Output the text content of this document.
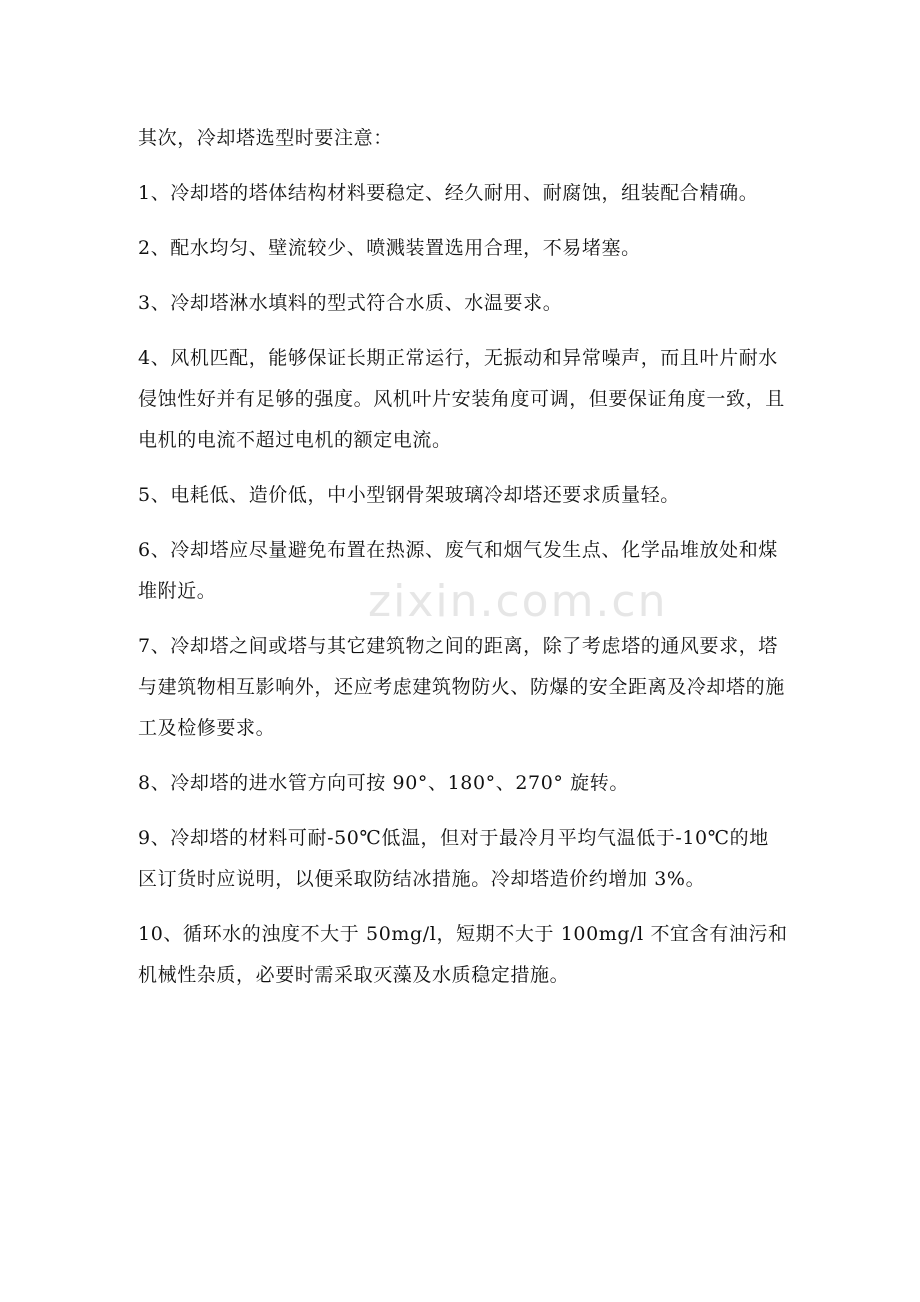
zixin.com.cn

其次，冷却塔选型时要注意：

1、冷却塔的塔体结构材料要稳定、经久耐用、耐腐蚀，组装配合精确。

2、配水均匀、壁流较少、喷溅装置选用合理，不易堵塞。

3、冷却塔淋水填料的型式符合水质、水温要求。

4、风机匹配，能够保证长期正常运行，无振动和异常噪声，而且叶片耐水侵蚀性好并有足够的强度。风机叶片安装角度可调，但要保证角度一致，且电机的电流不超过电机的额定电流。

5、电耗低、造价低，中小型钢骨架玻璃冷却塔还要求质量轻。

6、冷却塔应尽量避免布置在热源、废气和烟气发生点、化学品堆放处和煤堆附近。

7、冷却塔之间或塔与其它建筑物之间的距离，除了考虑塔的通风要求，塔与建筑物相互影响外，还应考虑建筑物防火、防爆的安全距离及冷却塔的施工及检修要求。

8、冷却塔的进水管方向可按 90°、180°、270° 旋转。

9、冷却塔的材料可耐-50℃低温，但对于最冷月平均气温低于-10℃的地区订货时应说明，以便采取防结冰措施。冷却塔造价约增加 3%。

10、循环水的浊度不大于 50mg/l，短期不大于 100mg/l 不宜含有油污和机械性杂质，必要时需采取灭藻及水质稳定措施。
